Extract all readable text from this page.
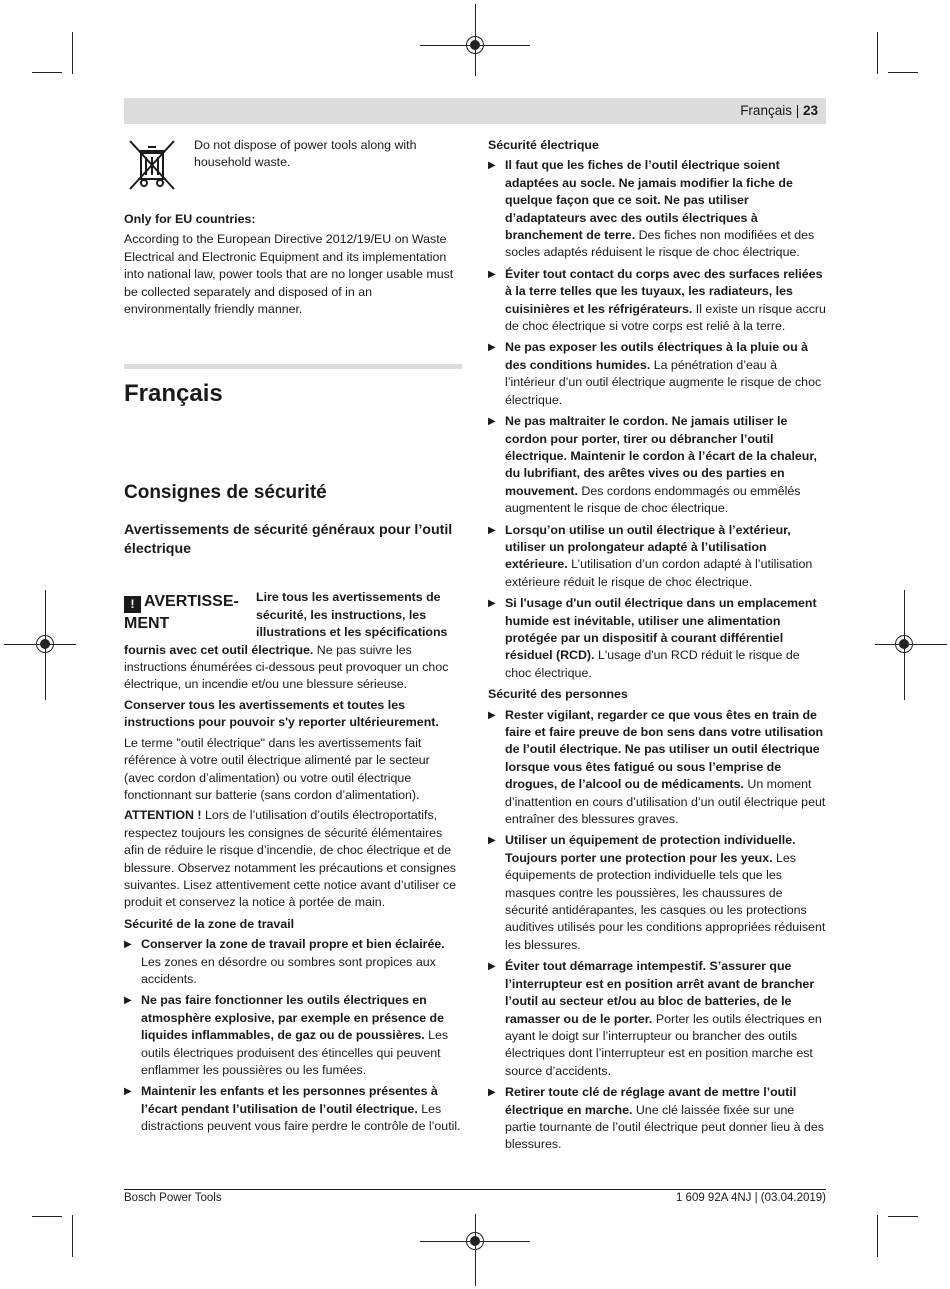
Français | 23
Do not dispose of power tools along with household waste.

Only for EU countries:

According to the European Directive 2012/19/EU on Waste Electrical and Electronic Equipment and its implementation into national law, power tools that are no longer usable must be collected separately and disposed of in an environmentally friendly manner.

Français
Consignes de sécurité
Avertissements de sécurité généraux pour l’outil électrique
! AVERTISSE-MENT

Lire tous les avertissements de sécurité, les instructions, les illustrations et les spécifications fournis avec cet outil électrique. Ne pas suivre les instructions énumérées ci-dessous peut provoquer un choc électrique, un incendie et/ou une blessure sérieuse.

Conserver tous les avertissements et toutes les instructions pour pouvoir s'y reporter ultérieurement.

Le terme "outil électrique" dans les avertissements fait référence à votre outil électrique alimenté par le secteur (avec cordon d’alimentation) ou votre outil électrique fonctionnant sur batterie (sans cordon d’alimentation).

ATTENTION ! Lors de l’utilisation d’outils électroportatifs, respectez toujours les consignes de sécurité élémentaires afin de réduire le risque d’incendie, de choc électrique et de blessure. Observez notamment les précautions et consignes suivantes. Lisez attentivement cette notice avant d’utiliser ce produit et conservez la notice à portée de main.

Sécurité de la zone de travail

▶ Conserver la zone de travail propre et bien éclairée. Les zones en désordre ou sombres sont propices aux accidents.
▶ Ne pas faire fonctionner les outils électriques en atmosphère explosive, par exemple en présence de liquides inflammables, de gaz ou de poussières. Les outils électriques produisent des étincelles qui peuvent enflammer les poussières ou les fumées.
▶ Maintenir les enfants et les personnes présentes à l’écart pendant l’utilisation de l’outil électrique. Les distractions peuvent vous faire perdre le contrôle de l’outil.

Sécurité électrique

▶ Il faut que les fiches de l’outil électrique soient adaptées au socle. Ne jamais modifier la fiche de quelque façon que ce soit. Ne pas utiliser d’adaptateurs avec des outils électriques à branchement de terre. Des fiches non modifiées et des socles adaptés réduisent le risque de choc électrique.
▶ Éviter tout contact du corps avec des surfaces reliées à la terre telles que les tuyaux, les radiateurs, les cuisinières et les réfrigérateurs. Il existe un risque accru de choc électrique si votre corps est relié à la terre.
▶ Ne pas exposer les outils électriques à la pluie ou à des conditions humides. La pénétration d’eau à l’intérieur d’un outil électrique augmente le risque de choc électrique.
▶ Ne pas maltraiter le cordon. Ne jamais utiliser le cordon pour porter, tirer ou débrancher l’outil électrique. Maintenir le cordon à l’écart de la chaleur, du lubrifiant, des arêtes vives ou des parties en mouvement. Des cordons endommagés ou emmêlés augmentent le risque de choc électrique.
▶ Lorsqu’on utilise un outil électrique à l’extérieur, utiliser un prolongateur adapté à l’utilisation extérieure. L’utilisation d’un cordon adapté à l’utilisation extérieure réduit le risque de choc électrique.
▶ Si l'usage d'un outil électrique dans un emplacement humide est inévitable, utiliser une alimentation protégée par un dispositif à courant différentiel résiduel (RCD). L'usage d'un RCD réduit le risque de choc électrique.

Sécurité des personnes

▶ Rester vigilant, regarder ce que vous êtes en train de faire et faire preuve de bon sens dans votre utilisation de l’outil électrique. Ne pas utiliser un outil électrique lorsque vous êtes fatigué ou sous l’emprise de drogues, de l’alcool ou de médicaments. Un moment d’inattention en cours d’utilisation d’un outil électrique peut entraîner des blessures graves.
▶ Utiliser un équipement de protection individuelle. Toujours porter une protection pour les yeux. Les équipements de protection individuelle tels que les masques contre les poussières, les chaussures de sécurité antidérapantes, les casques ou les protections auditives utilisés pour les conditions appropriées réduisent les blessures.
▶ Éviter tout démarrage intempestif. S’assurer que l’interrupteur est en position arrêt avant de brancher l’outil au secteur et/ou au bloc de batteries, de le ramasser ou de le porter. Porter les outils électriques en ayant le doigt sur l’interrupteur ou brancher des outils électriques dont l’interrupteur est en position marche est source d’accidents.
▶ Retirer toute clé de réglage avant de mettre l’outil électrique en marche. Une clé laissée fixée sur une partie tournante de l’outil électrique peut donner lieu à des blessures.
Bosch Power Tools	1 609 92A 4NJ | (03.04.2019)
